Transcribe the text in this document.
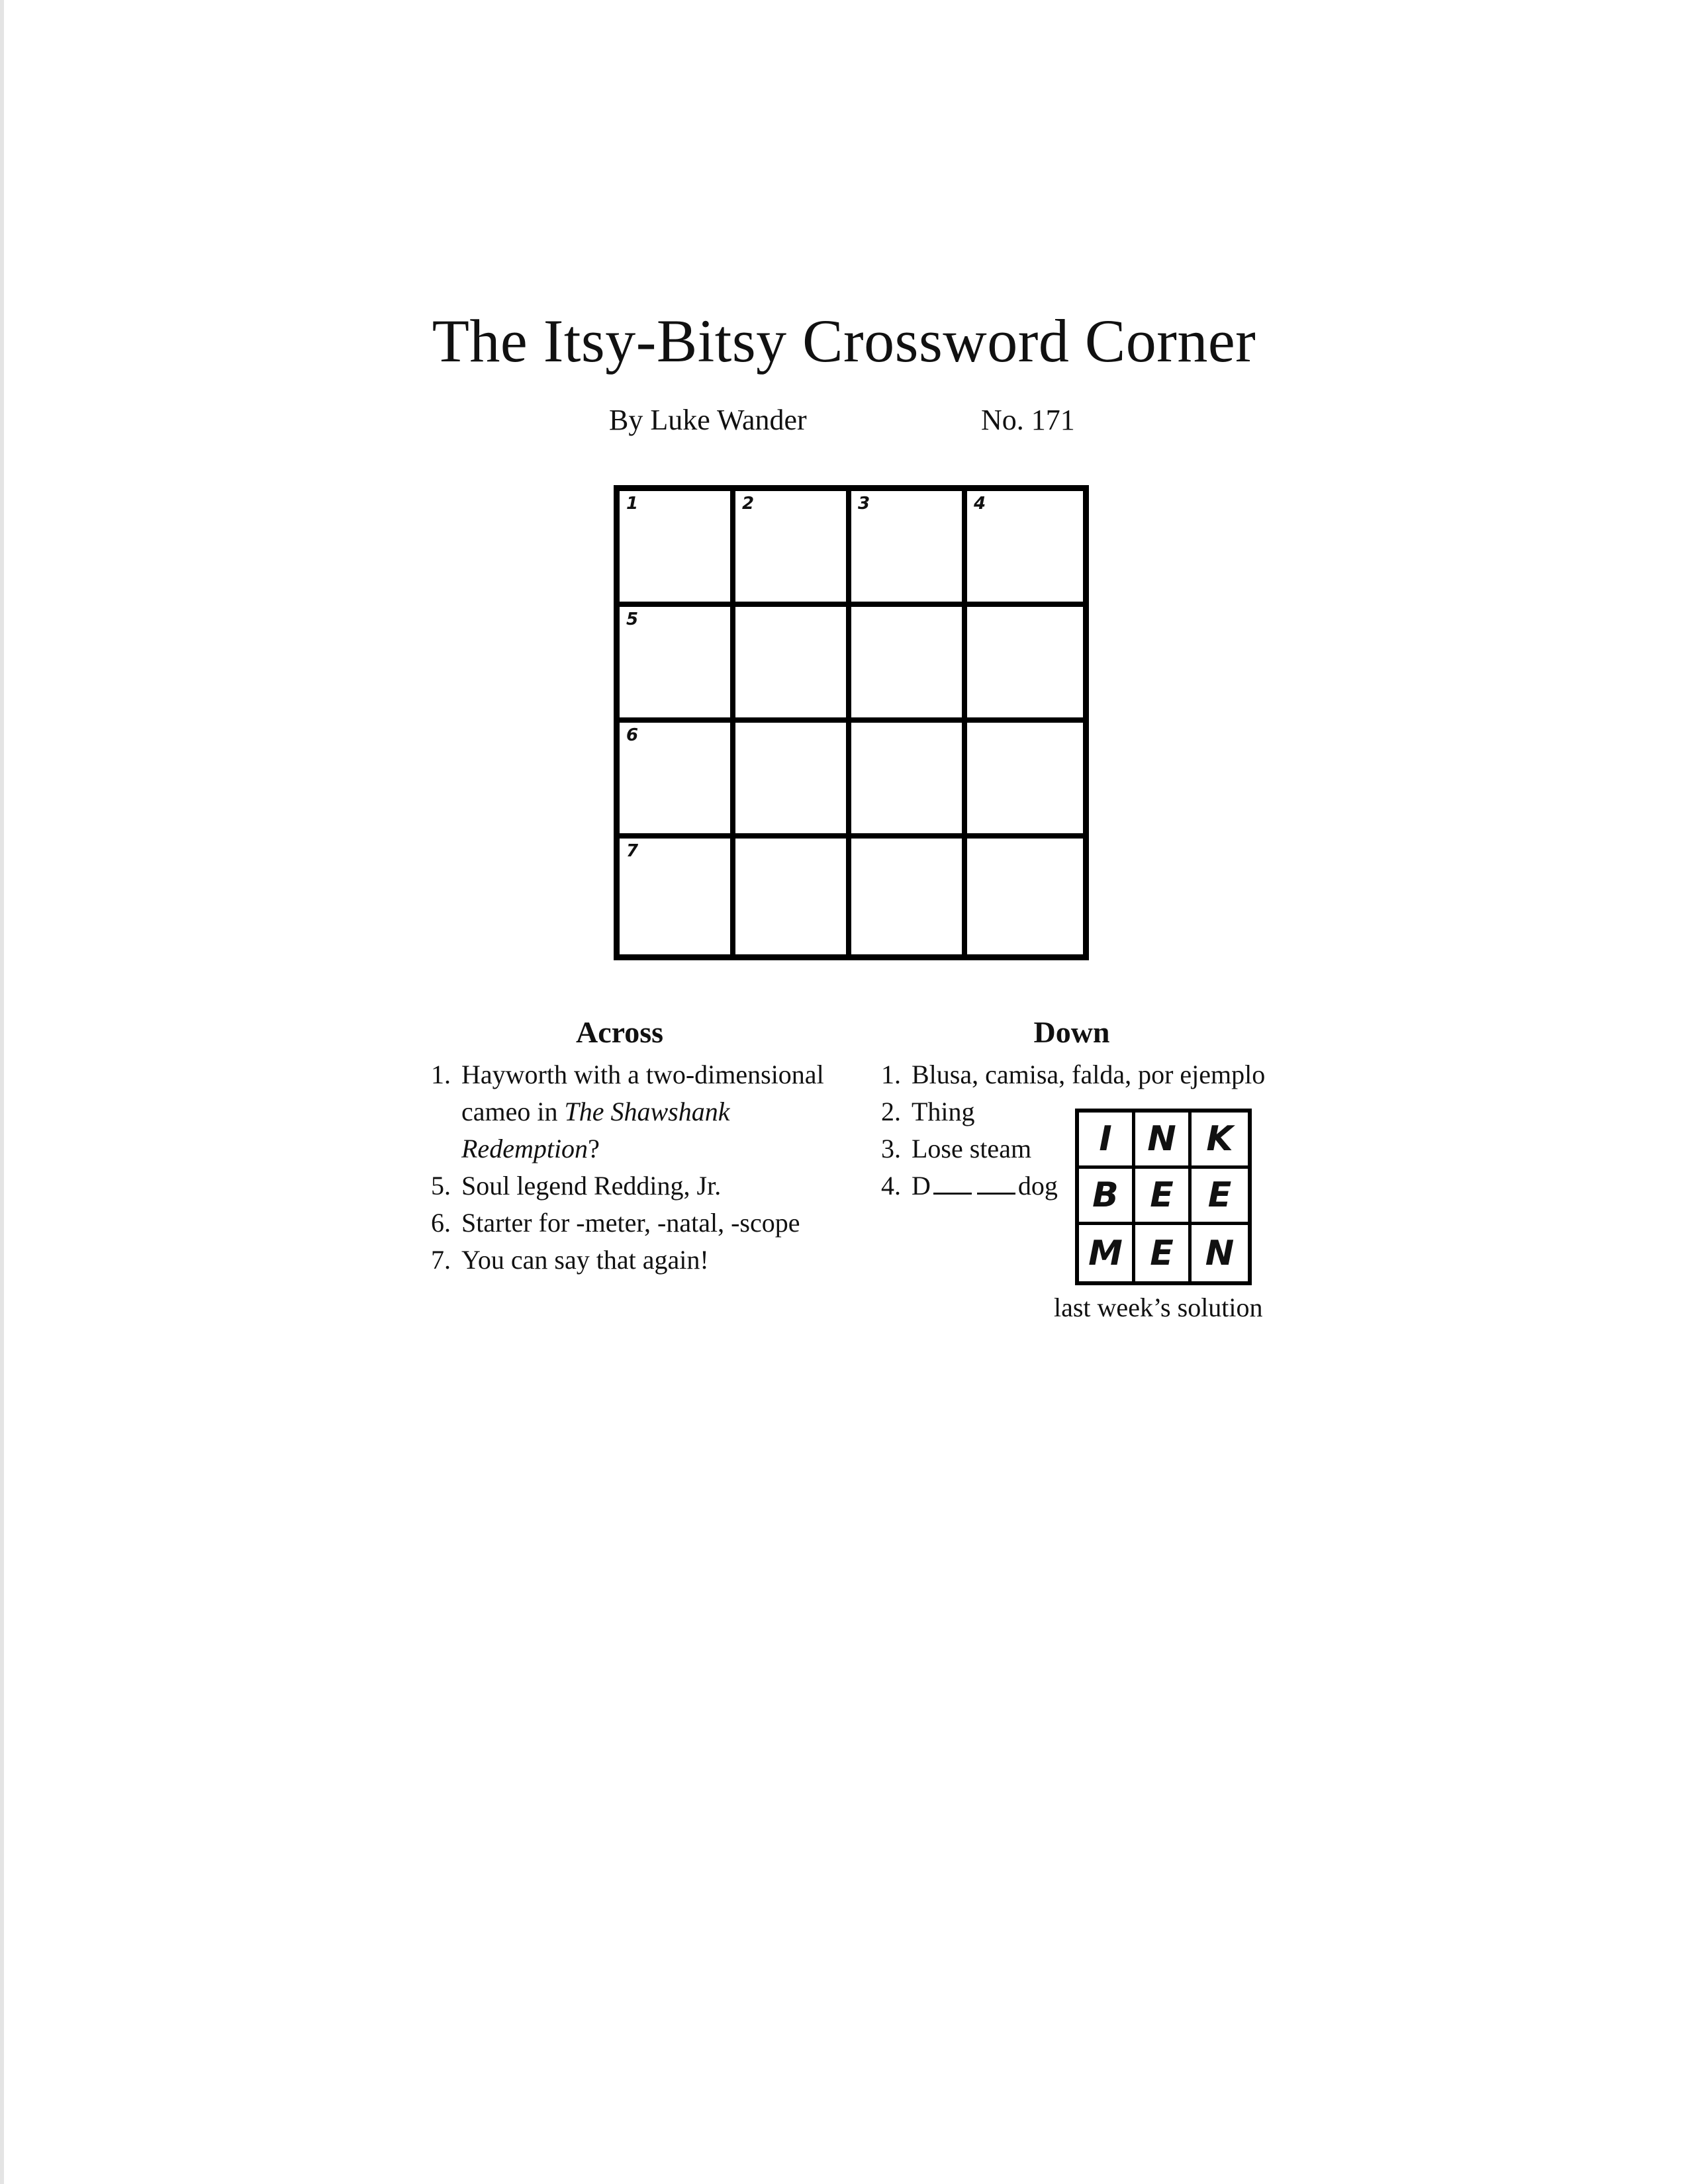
The Itsy-Bitsy Crossword Corner
By Luke Wander	No. 171
1	2	3	4
5
6
7
Across
1. Hayworth with a two-dimensional cameo in The Shawshank Redemption?
5. Soul legend Redding, Jr.
6. Starter for -meter, -natal, -scope
7. You can say that again!
Down
1. Blusa, camisa, falda, por ejemplo
2. Thing
3. Lose steam
4. D	dog
I	N K
B E E
M E N
last week’s solution
